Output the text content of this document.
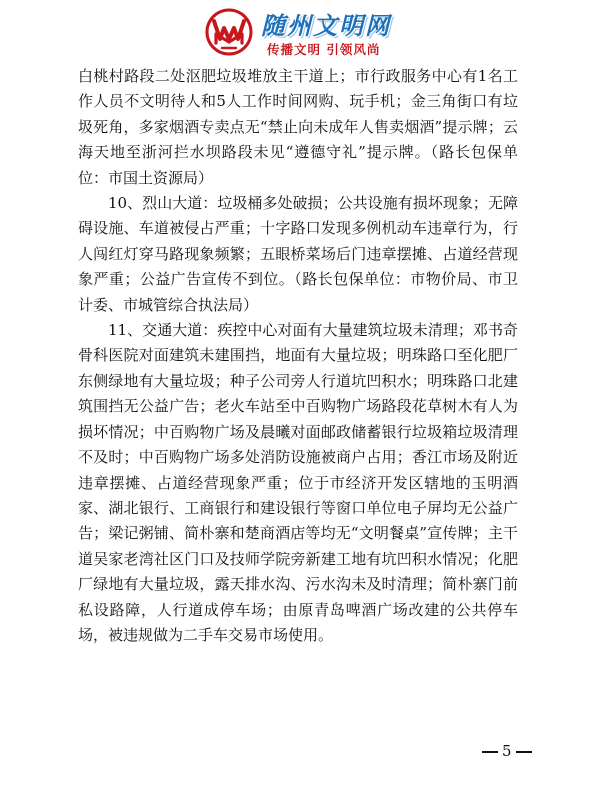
随州文明网
传播文明 引领风尚

白桃村路段二处沤肥垃圾堆放主干道上；市行政服务中心有1名工作人员不文明待人和5人工作时间网购、玩手机；金三角街口有垃圾死角，多家烟酒专卖点无“禁止向未成年人售卖烟酒”提示牌；云海天地至浙河拦水坝路段未见“遵德守礼”提示牌。（路长包保单位：市国土资源局）

10、烈山大道：垃圾桶多处破损；公共设施有损坏现象；无障碍设施、车道被侵占严重；十字路口发现多例机动车违章行为，行人闯红灯穿马路现象频繁；五眼桥菜场后门违章摆摊、占道经营现象严重；公益广告宣传不到位。（路长包保单位：市物价局、市卫计委、市城管综合执法局）

11、交通大道：疾控中心对面有大量建筑垃圾未清理；邓书奇骨科医院对面建筑未建围挡，地面有大量垃圾；明珠路口至化肥厂东侧绿地有大量垃圾；种子公司旁人行道坑凹积水；明珠路口北建筑围挡无公益广告；老火车站至中百购物广场路段花草树木有人为损坏情况；中百购物广场及晨曦对面邮政储蓄银行垃圾箱垃圾清理不及时；中百购物广场多处消防设施被商户占用；香江市场及附近违章摆摊、占道经营现象严重；位于市经济开发区辖地的玉明酒家、湖北银行、工商银行和建设银行等窗口单位电子屏均无公益广告；梁记粥铺、简朴寨和楚商酒店等均无“文明餐桌”宣传牌；主干道吴家老湾社区门口及技师学院旁新建工地有坑凹积水情况；化肥厂绿地有大量垃圾，露天排水沟、污水沟未及时清理；简朴寨门前私设路障，人行道成停车场；由原青岛啤酒广场改建的公共停车场，被违规做为二手车交易市场使用。

5
